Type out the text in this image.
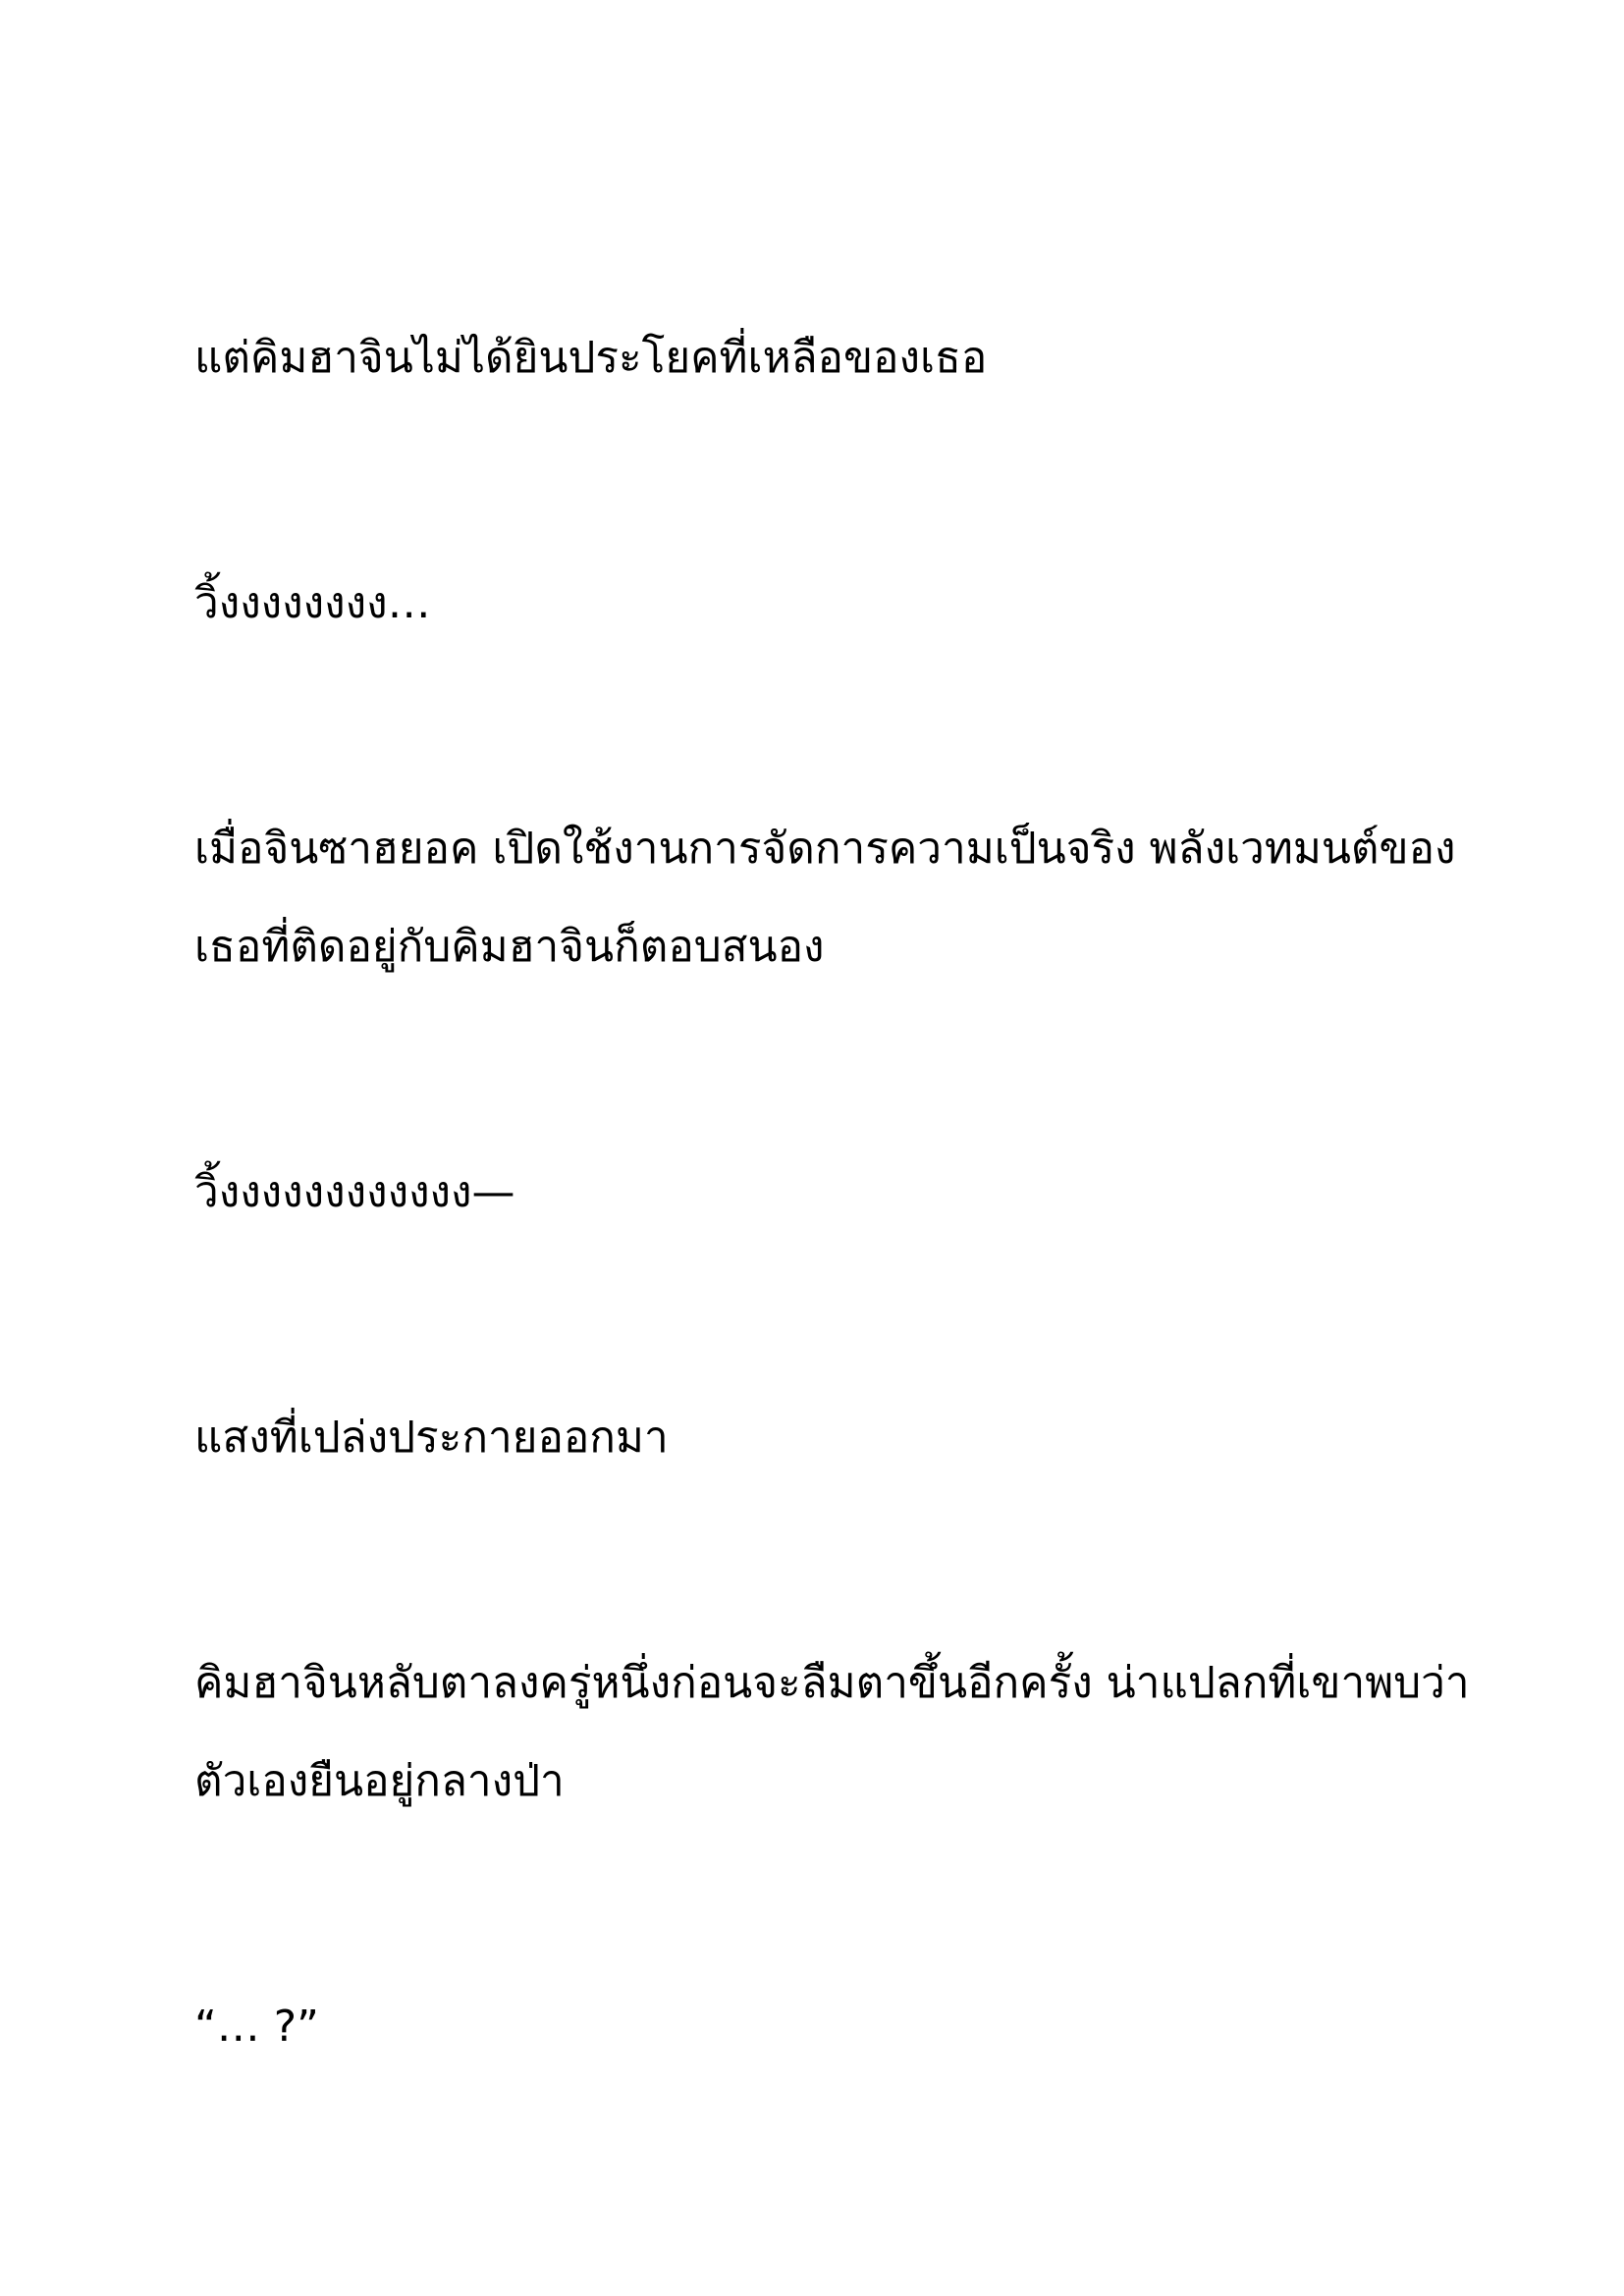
แต่คิมฮาจินไม่ได้ยินประโยคที่เหลือของเธอ

วิ้งงงงงงงง…

เมื่อจินซาฮยอค เปิดใช้งานการจัดการความเป็นจริง พลังเวทมนต์ของ
เธอที่ติดอยู่กับคิมฮาจินก็ตอบสนอง

วิ้งงงงงงงงงงงง—

แสงที่เปล่งประกายออกมา

คิมฮาจินหลับตาลงครู่หนึ่งก่อนจะลืมตาขึ้นอีกครั้ง น่าแปลกที่เขาพบว่า
ตัวเองยืนอยู่กลางป่า

“… ?”
